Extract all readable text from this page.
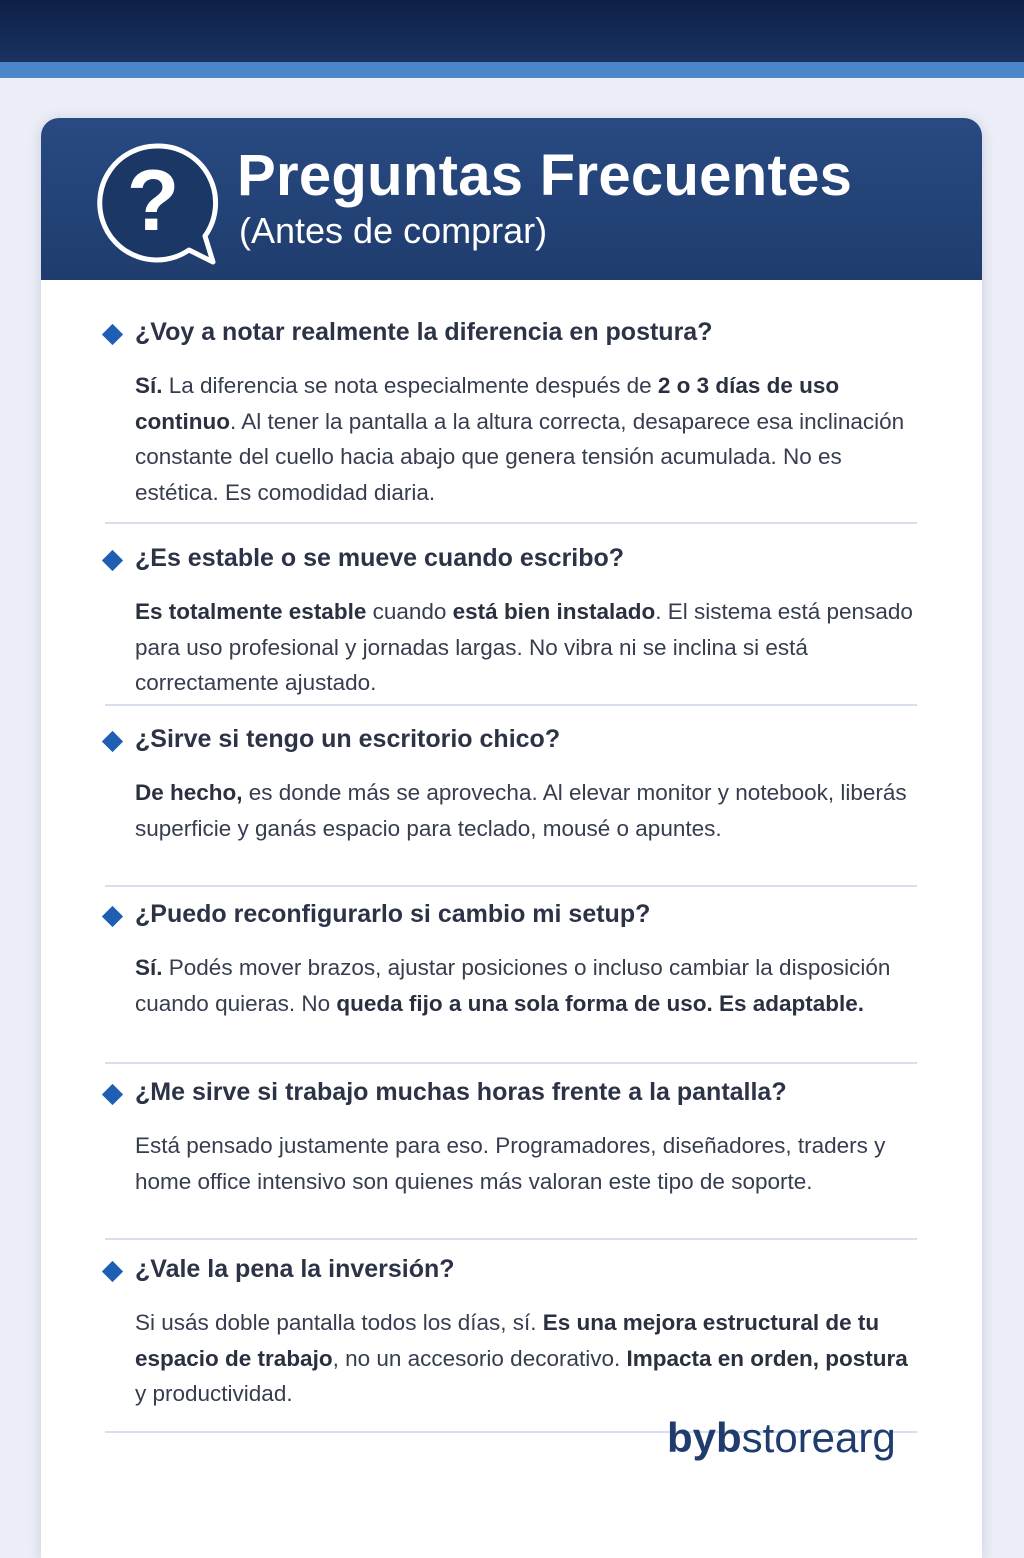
? Preguntas Frecuentes

(Antes de comprar)

¿Voy a notar realmente la diferencia en postura?

Sí. La diferencia se nota especialmente después de 2 o 3 días de uso continuo. Al tener la pantalla a la altura correcta, desaparece esa inclinación constante del cuello hacia abajo que genera tensión acumulada. No es estética. Es comodidad diaria.

¿Es estable o se mueve cuando escribo?

Es totalmente estable cuando está bien instalado. El sistema está pensado para uso profesional y jornadas largas. No vibra ni se inclina si está correctamente ajustado.

¿Sirve si tengo un escritorio chico?

De hecho, es donde más se aprovecha. Al elevar monitor y notebook, liberás superficie y ganás espacio para teclado, mousé o apuntes.

¿Puedo reconfigurarlo si cambio mi setup?

Sí. Podés mover brazos, ajustar posiciones o incluso cambiar la disposición cuando quieras. No queda fijo a una sola forma de uso. Es adaptable.

¿Me sirve si trabajo muchas horas frente a la pantalla?

Está pensado justamente para eso. Programadores, diseñadores, traders y home office intensivo son quienes más valoran este tipo de soporte.

¿Vale la pena la inversión?

Si usás doble pantalla todos los días, sí. Es una mejora estructural de tu espacio de trabajo, no un accesorio decorativo. Impacta en orden, postura y productividad.

bybstorearg
